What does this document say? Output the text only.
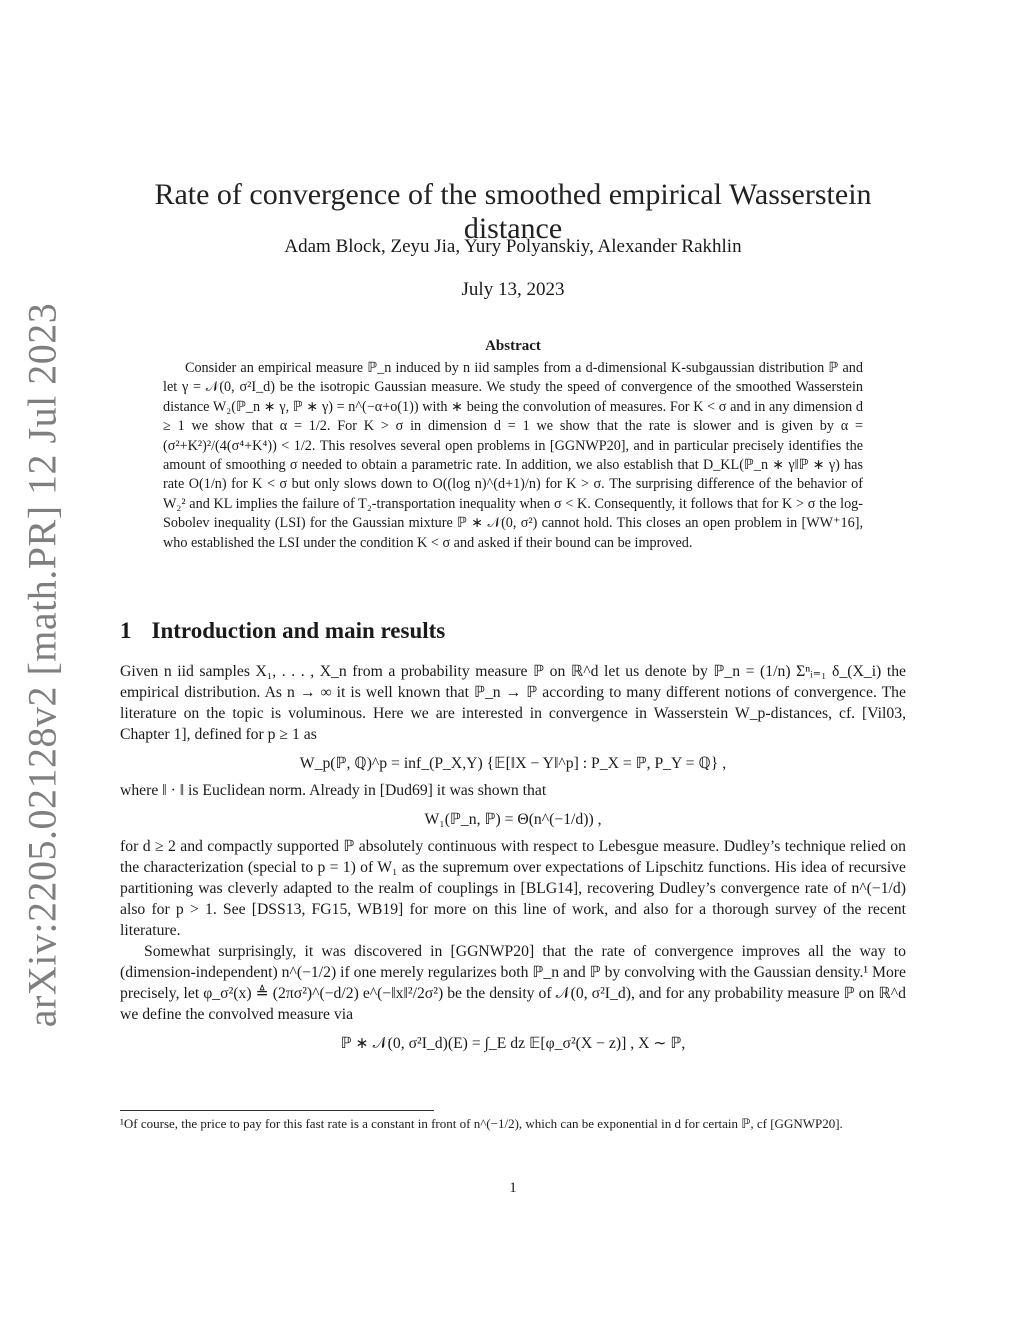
arXiv:2205.02128v2 [math.PR] 12 Jul 2023
Rate of convergence of the smoothed empirical Wasserstein distance
Adam Block, Zeyu Jia, Yury Polyanskiy, Alexander Rakhlin
July 13, 2023
Abstract

Consider an empirical measure ℙ_n induced by n iid samples from a d-dimensional K-subgaussian distribution ℙ and let γ = 𝒩(0, σ²I_d) be the isotropic Gaussian measure. We study the speed of convergence of the smoothed Wasserstein distance W₂(ℙ_n ∗ γ, ℙ ∗ γ) = n^(−α+o(1)) with ∗ being the convolution of measures. For K < σ and in any dimension d ≥ 1 we show that α = 1/2. For K > σ in dimension d = 1 we show that the rate is slower and is given by α = (σ²+K²)²/(4(σ⁴+K⁴)) < 1/2. This resolves several open problems in [GGNWP20], and in particular precisely identifies the amount of smoothing σ needed to obtain a parametric rate. In addition, we also establish that D_KL(ℙ_n ∗ γ‖ℙ ∗ γ) has rate O(1/n) for K < σ but only slows down to O((log n)^(d+1)/n) for K > σ. The surprising difference of the behavior of W₂² and KL implies the failure of T₂-transportation inequality when σ < K. Consequently, it follows that for K > σ the log-Sobolev inequality (LSI) for the Gaussian mixture ℙ ∗ 𝒩(0, σ²) cannot hold. This closes an open problem in [WW⁺16], who established the LSI under the condition K < σ and asked if their bound can be improved.

1 Introduction and main results

Given n iid samples X₁, . . . , X_n from a probability measure ℙ on ℝ^d let us denote by ℙ_n = (1/n) Σⁿᵢ₌₁ δ_(X_i) the empirical distribution. As n → ∞ it is well known that ℙ_n → ℙ according to many different notions of convergence. The literature on the topic is voluminous. Here we are interested in convergence in Wasserstein W_p-distances, cf. [Vil03, Chapter 1], defined for p ≥ 1 as

W_p(ℙ, ℚ)^p = inf_(P_X,Y) {𝔼[‖X − Y‖^p] : P_X = ℙ, P_Y = ℚ} ,

where ‖ · ‖ is Euclidean norm. Already in [Dud69] it was shown that

W₁(ℙ_n, ℙ) = Θ(n^(−1/d)) ,

for d ≥ 2 and compactly supported ℙ absolutely continuous with respect to Lebesgue measure. Dudley’s technique relied on the characterization (special to p = 1) of W₁ as the supremum over expectations of Lipschitz functions. His idea of recursive partitioning was cleverly adapted to the realm of couplings in [BLG14], recovering Dudley’s convergence rate of n^(−1/d) also for p > 1. See [DSS13, FG15, WB19] for more on this line of work, and also for a thorough survey of the recent literature.

Somewhat surprisingly, it was discovered in [GGNWP20] that the rate of convergence improves all the way to (dimension-independent) n^(−1/2) if one merely regularizes both ℙ_n and ℙ by convolving with the Gaussian density.¹ More precisely, let φ_σ²(x) ≜ (2πσ²)^(−d/2) e^(−‖x‖²/2σ²) be the density of 𝒩(0, σ²I_d), and for any probability measure ℙ on ℝ^d we define the convolved measure via

ℙ ∗ 𝒩(0, σ²I_d)(E) = ∫_E dz 𝔼[φ_σ²(X − z)] , X ∼ ℙ,
¹Of course, the price to pay for this fast rate is a constant in front of n^(−1/2), which can be exponential in d for certain ℙ, cf [GGNWP20].
1
